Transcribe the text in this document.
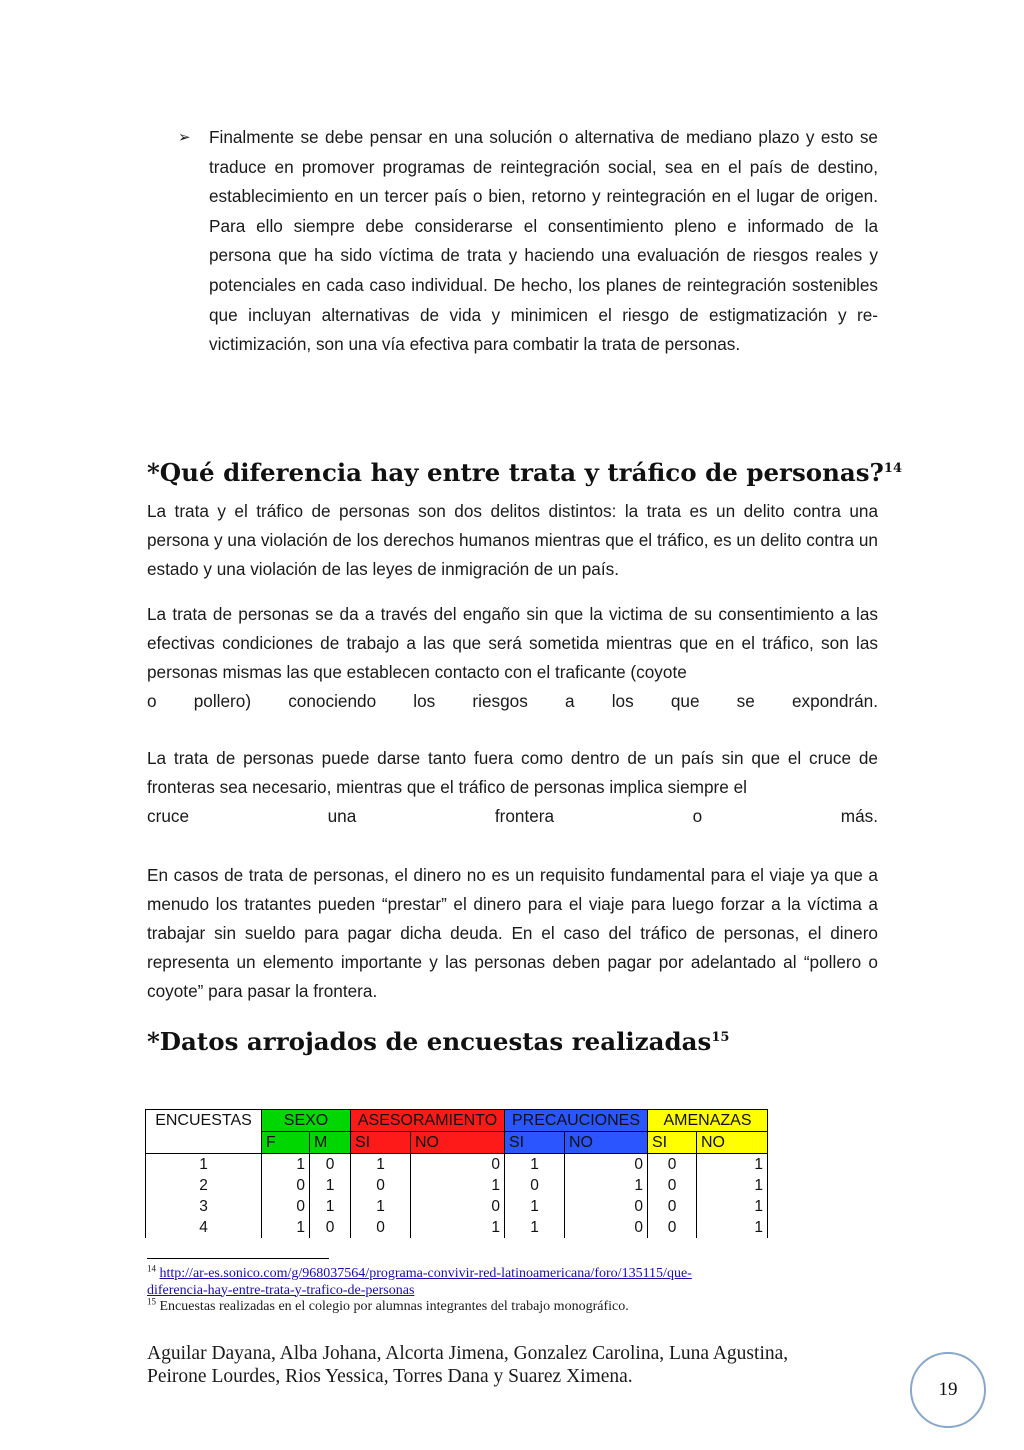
➢ Finalmente se debe pensar en una solución o alternativa de mediano plazo y esto se traduce en promover programas de reintegración social, sea en el país de destino, establecimiento en un tercer país o bien, retorno y reintegración en el lugar de origen. Para ello siempre debe considerarse el consentimiento pleno e informado de la persona que ha sido víctima de trata y haciendo una evaluación de riesgos reales y potenciales en cada caso individual. De hecho, los planes de reintegración sostenibles que incluyan alternativas de vida y minimicen el riesgo de estigmatización y re-victimización, son una vía efectiva para combatir la trata de personas.
*Qué diferencia hay entre trata y tráfico de personas?$^{14}$

La trata y el tráfico de personas son dos delitos distintos: la trata es un delito contra una persona y una violación de los derechos humanos mientras que el tráfico, es un delito contra un estado y una violación de las leyes de inmigración de un país.

La trata de personas se da a través del engaño sin que la victima de su consentimiento a las efectivas condiciones de trabajo a las que será sometida mientras que en el tráfico, son las personas mismas las que establecen contacto con el traficante (coyote
o pollero) conociendo los riesgos a los que se expondrán.
La trata de personas puede darse tanto fuera como dentro de un país sin que el cruce de fronteras sea necesario, mientras que el tráfico de personas implica siempre el
cruce una frontera o más.

En casos de trata de personas, el dinero no es un requisito fundamental para el viaje ya que a menudo los tratantes pueden “prestar” el dinero para el viaje para luego forzar a la víctima a trabajar sin sueldo para pagar dicha deuda. En el caso del tráfico de personas, el dinero representa un elemento importante y las personas deben pagar por adelantado al “pollero o coyote” para pasar la frontera.

*Datos arrojados de encuestas realizadas$^{15}$
ENCUESTAS	SEXO		ASESORAMIENTO		PRECAUCIONES		AMENAZAS	
	F	M	SI	NO	SI	NO	SI	NO
1	1	0	1	0	1	0	0	1
2	0	1	0	1	0	1	0	1
3	0	1	1	0	1	0	0	1
4	1	0	0	1	1	0	0	1
$^{14}$ http://ar-es.sonico.com/g/968037564/programa-convivir-red-latinoamericana/foro/135115/que-
diferencia-hay-entre-trata-y-trafico-de-personas
$^{15}$ Encuestas realizadas en el colegio por alumnas integrantes del trabajo monográfico.
Aguilar Dayana, Alba Johana, Alcorta Jimena, Gonzalez Carolina, Luna Agustina,
Peirone Lourdes, Rios Yessica, Torres Dana y Suarez Ximena.
19
